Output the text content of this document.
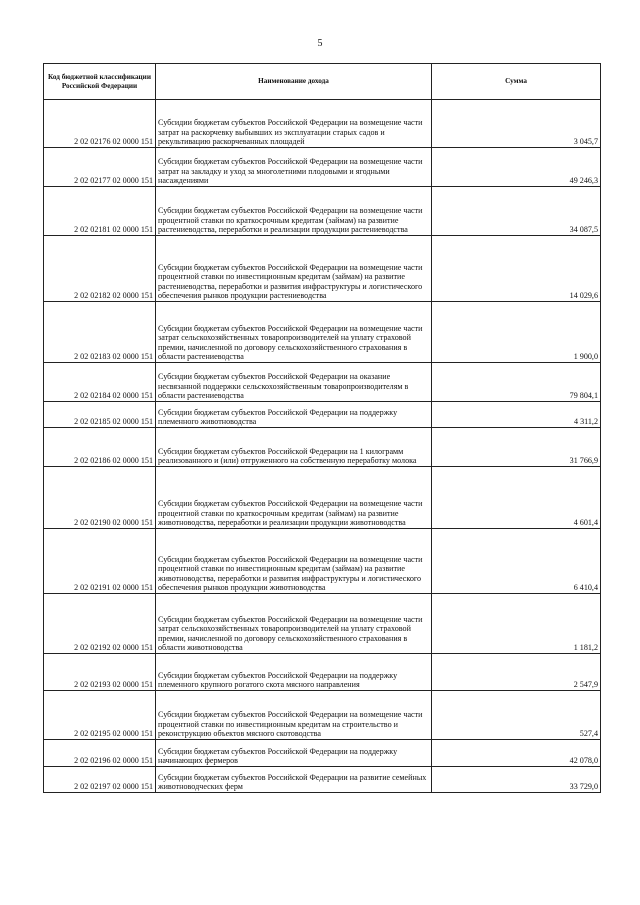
5
Код бюджетной классификации Российской Федерации	Наименование дохода	Сумма
2 02 02176 02 0000 151	Субсидии бюджетам субъектов Российской Федерации на возмещение части затрат на раскорчевку выбывших из эксплуатации старых садов и рекультивацию раскорчеванных площадей	3 045,7
2 02 02177 02 0000 151	Субсидии бюджетам субъектов Российской Федерации на возмещение части затрат на закладку и уход за многолетними плодовыми и ягодными насаждениями	49 246,3
2 02 02181 02 0000 151	Субсидии бюджетам субъектов Российской Федерации на возмещение части процентной ставки по краткосрочным кредитам (займам) на развитие растениеводства, переработки и реализации продукции растениеводства	34 087,5
2 02 02182 02 0000 151	Субсидии бюджетам субъектов Российской Федерации на возмещение части процентной ставки по инвестиционным кредитам (займам) на развитие растениеводства, переработки и развития инфраструктуры и логистического обеспечения рынков продукции растениеводства	14 029,6
2 02 02183 02 0000 151	Субсидии бюджетам субъектов Российской Федерации на возмещение части затрат сельскохозяйственных товаропроизводителей на уплату страховой премии, начисленной по договору сельскохозяйственного страхования в области растениеводства	1 900,0
2 02 02184 02 0000 151	Субсидии бюджетам субъектов Российской Федерации на оказание несвязанной поддержки сельскохозяйственным товаропроизводителям в области растениеводства	79 804,1
2 02 02185 02 0000 151	Субсидии бюджетам субъектов Российской Федерации на поддержку племенного животноводства	4 311,2
2 02 02186 02 0000 151	Субсидии бюджетам субъектов Российской Федерации на 1 килограмм реализованного и (или) отгруженного на собственную переработку молока	31 766,9
2 02 02190 02 0000 151	Субсидии бюджетам субъектов Российской Федерации на возмещение части процентной ставки по краткосрочным кредитам (займам) на развитие животноводства, переработки и реализации продукции животноводства	4 601,4
2 02 02191 02 0000 151	Субсидии бюджетам субъектов Российской Федерации на возмещение части процентной ставки по инвестиционным кредитам (займам) на развитие животноводства, переработки и развития инфраструктуры и логистического обеспечения рынков продукции животноводства	6 410,4
2 02 02192 02 0000 151	Субсидии бюджетам субъектов Российской Федерации на возмещение части затрат сельскохозяйственных товаропроизводителей на уплату страховой премии, начисленной по договору сельскохозяйственного страхования в области животноводства	1 181,2
2 02 02193 02 0000 151	Субсидии бюджетам субъектов Российской Федерации на поддержку племенного крупного рогатого скота мясного направления	2 547,9
2 02 02195 02 0000 151	Субсидии бюджетам субъектов Российской Федерации на возмещение части процентной ставки по инвестиционным кредитам на строительство и реконструкцию объектов мясного скотоводства	527,4
2 02 02196 02 0000 151	Субсидии бюджетам субъектов Российской Федерации на поддержку начинающих фермеров	42 078,0
2 02 02197 02 0000 151	Субсидии бюджетам субъектов Российской Федерации на развитие семейных животноводческих ферм	33 729,0
